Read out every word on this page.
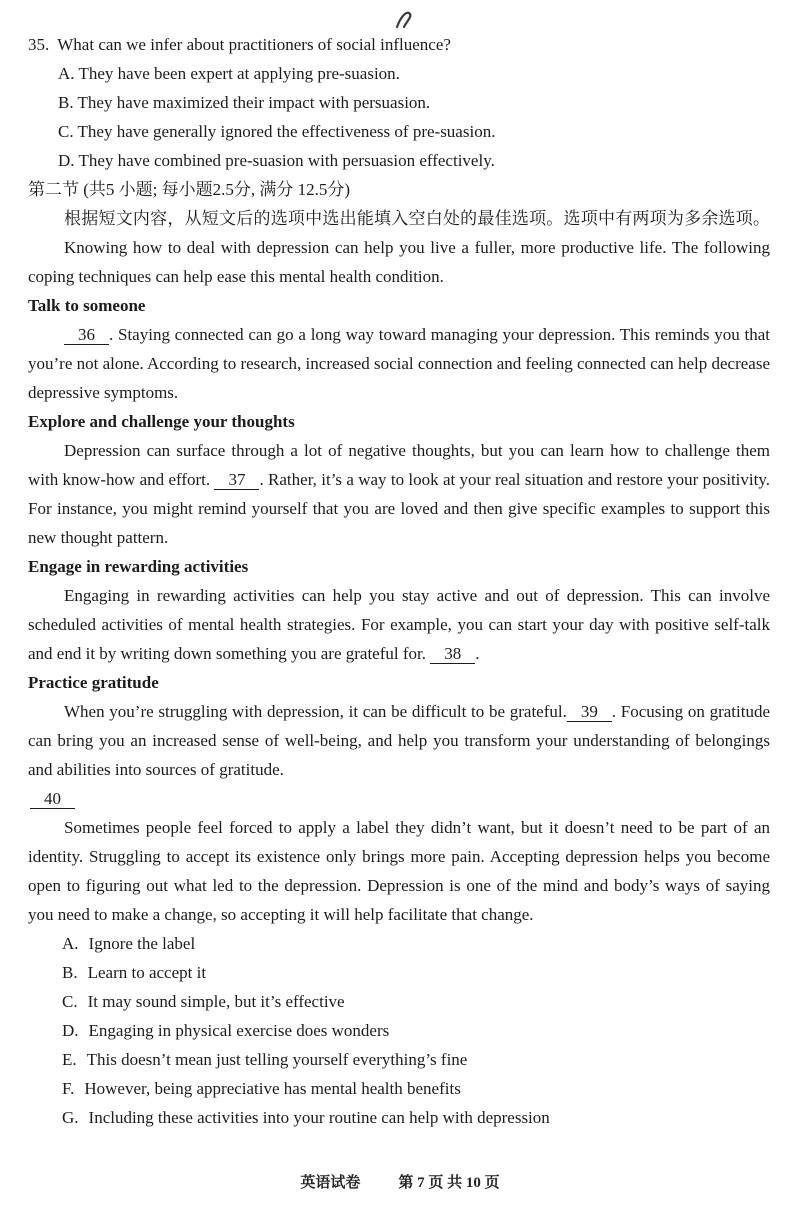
35. What can we infer about practitioners of social influence?

A. They have been expert at applying pre-suasion.

B. They have maximized their impact with persuasion.

C. They have generally ignored the effectiveness of pre-suasion.

D. They have combined pre-suasion with persuasion effectively.

第二节 (共5 小题; 每小题2.5分, 满分 12.5分)

根据短文内容，从短文后的选项中选出能填入空白处的最佳选项。选项中有两项为多余选项。

Knowing how to deal with depression can help you live a fuller, more productive life. The following coping techniques can help ease this mental health condition.

Talk to someone

36 . Staying connected can go a long way toward managing your depression. This reminds you that you’re not alone. According to research, increased social connection and feeling connected can help decrease depressive symptoms.

Explore and challenge your thoughts

Depression can surface through a lot of negative thoughts, but you can learn how to challenge them with know-how and effort. 37 . Rather, it’s a way to look at your real situation and restore your positivity. For instance, you might remind yourself that you are loved and then give specific examples to support this new thought pattern.

Engage in rewarding activities

Engaging in rewarding activities can help you stay active and out of depression. This can involve scheduled activities of mental health strategies. For example, you can start your day with positive self-talk and end it by writing down something you are grateful for. 38 .

Practice gratitude

When you’re struggling with depression, it can be difficult to be grateful. 39 . Focusing on gratitude can bring you an increased sense of well-being, and help you transform your understanding of belongings and abilities into sources of gratitude.

40

Sometimes people feel forced to apply a label they didn’t want, but it doesn’t need to be part of an identity. Struggling to accept its existence only brings more pain. Accepting depression helps you become open to figuring out what led to the depression. Depression is one of the mind and body’s ways of saying you need to make a change, so accepting it will help facilitate that change.

A. Ignore the label

B. Learn to accept it

C. It may sound simple, but it’s effective

D. Engaging in physical exercise does wonders

E. This doesn’t mean just telling yourself everything’s fine

F. However, being appreciative has mental health benefits

G. Including these activities into your routine can help with depression

英语试卷	第 7 页 共 10 页
